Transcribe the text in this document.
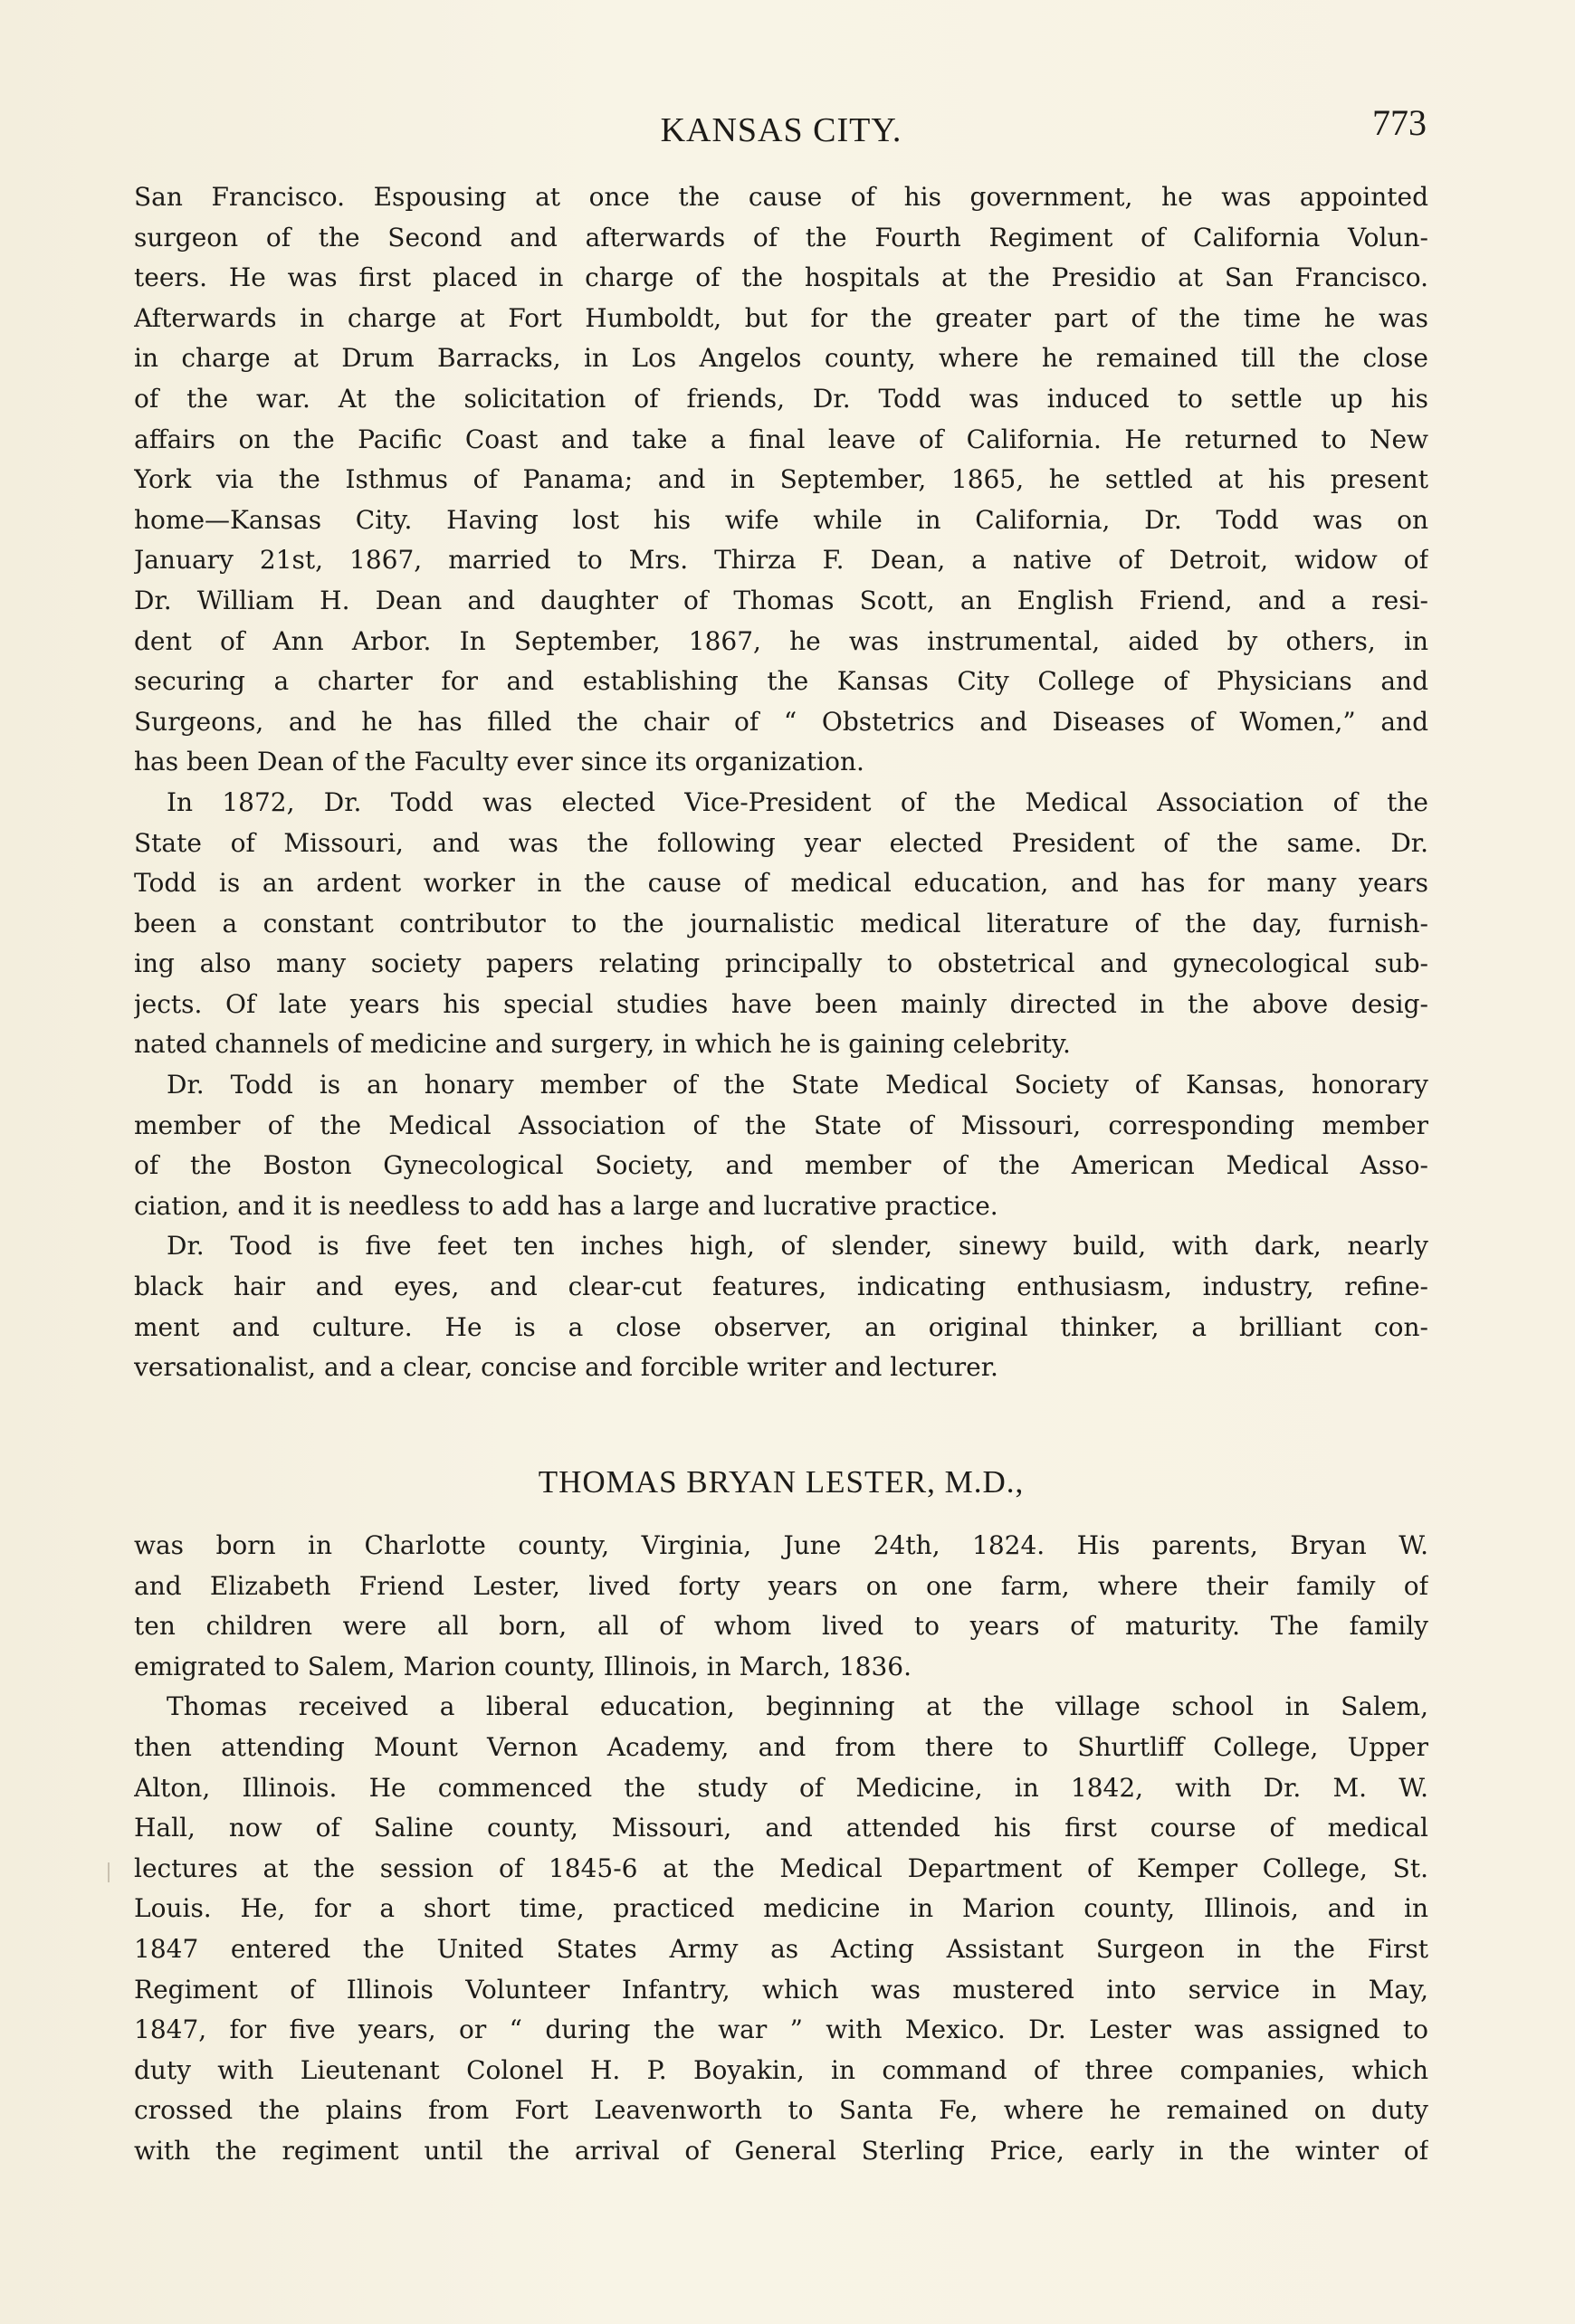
KANSAS CITY.	773
San Francisco. Espousing at once the cause of his government, he was appointed
surgeon of the Second and afterwards of the Fourth Regiment of California Volun-
teers. He was first placed in charge of the hospitals at the Presidio at San Francisco.
Afterwards in charge at Fort Humboldt, but for the greater part of the time he was
in charge at Drum Barracks, in Los Angelos county, where he remained till the close
of the war. At the solicitation of friends, Dr. Todd was induced to settle up his
affairs on the Pacific Coast and take a final leave of California. He returned to New
York via the Isthmus of Panama; and in September, 1865, he settled at his present
home—Kansas City. Having lost his wife while in California, Dr. Todd was on
January 21st, 1867, married to Mrs. Thirza F. Dean, a native of Detroit, widow of
Dr. William H. Dean and daughter of Thomas Scott, an English Friend, and a resi-
dent of Ann Arbor. In September, 1867, he was instrumental, aided by others, in
securing a charter for and establishing the Kansas City College of Physicians and
Surgeons, and he has filled the chair of “ Obstetrics and Diseases of Women,” and
has been Dean of the Faculty ever since its organization.
In 1872, Dr. Todd was elected Vice-President of the Medical Association of the
State of Missouri, and was the following year elected President of the same. Dr.
Todd is an ardent worker in the cause of medical education, and has for many years
been a constant contributor to the journalistic medical literature of the day, furnish-
ing also many society papers relating principally to obstetrical and gynecological sub-
jects. Of late years his special studies have been mainly directed in the above desig-
nated channels of medicine and surgery, in which he is gaining celebrity.
Dr. Todd is an honary member of the State Medical Society of Kansas, honorary
member of the Medical Association of the State of Missouri, corresponding member
of the Boston Gynecological Society, and member of the American Medical Asso-
ciation, and it is needless to add has a large and lucrative practice.
Dr. Tood is five feet ten inches high, of slender, sinewy build, with dark, nearly
black hair and eyes, and clear-cut features, indicating enthusiasm, industry, refine-
ment and culture. He is a close observer, an original thinker, a brilliant con-
versationalist, and a clear, concise and forcible writer and lecturer.
THOMAS BRYAN LESTER, M.D.,
was born in Charlotte county, Virginia, June 24th, 1824. His parents, Bryan W.
and Elizabeth Friend Lester, lived forty years on one farm, where their family of
ten children were all born, all of whom lived to years of maturity. The family
emigrated to Salem, Marion county, Illinois, in March, 1836.
Thomas received a liberal education, beginning at the village school in Salem,
then attending Mount Vernon Academy, and from there to Shurtliff College, Upper
Alton, Illinois. He commenced the study of Medicine, in 1842, with Dr. M. W.
Hall, now of Saline county, Missouri, and attended his first course of medical
lectures at the session of 1845-6 at the Medical Department of Kemper College, St.
Louis. He, for a short time, practiced medicine in Marion county, Illinois, and in
1847 entered the United States Army as Acting Assistant Surgeon in the First
Regiment of Illinois Volunteer Infantry, which was mustered into service in May,
1847, for five years, or “ during the war ” with Mexico. Dr. Lester was assigned to
duty with Lieutenant Colonel H. P. Boyakin, in command of three companies, which
crossed the plains from Fort Leavenworth to Santa Fe, where he remained on duty
with the regiment until the arrival of General Sterling Price, early in the winter of
